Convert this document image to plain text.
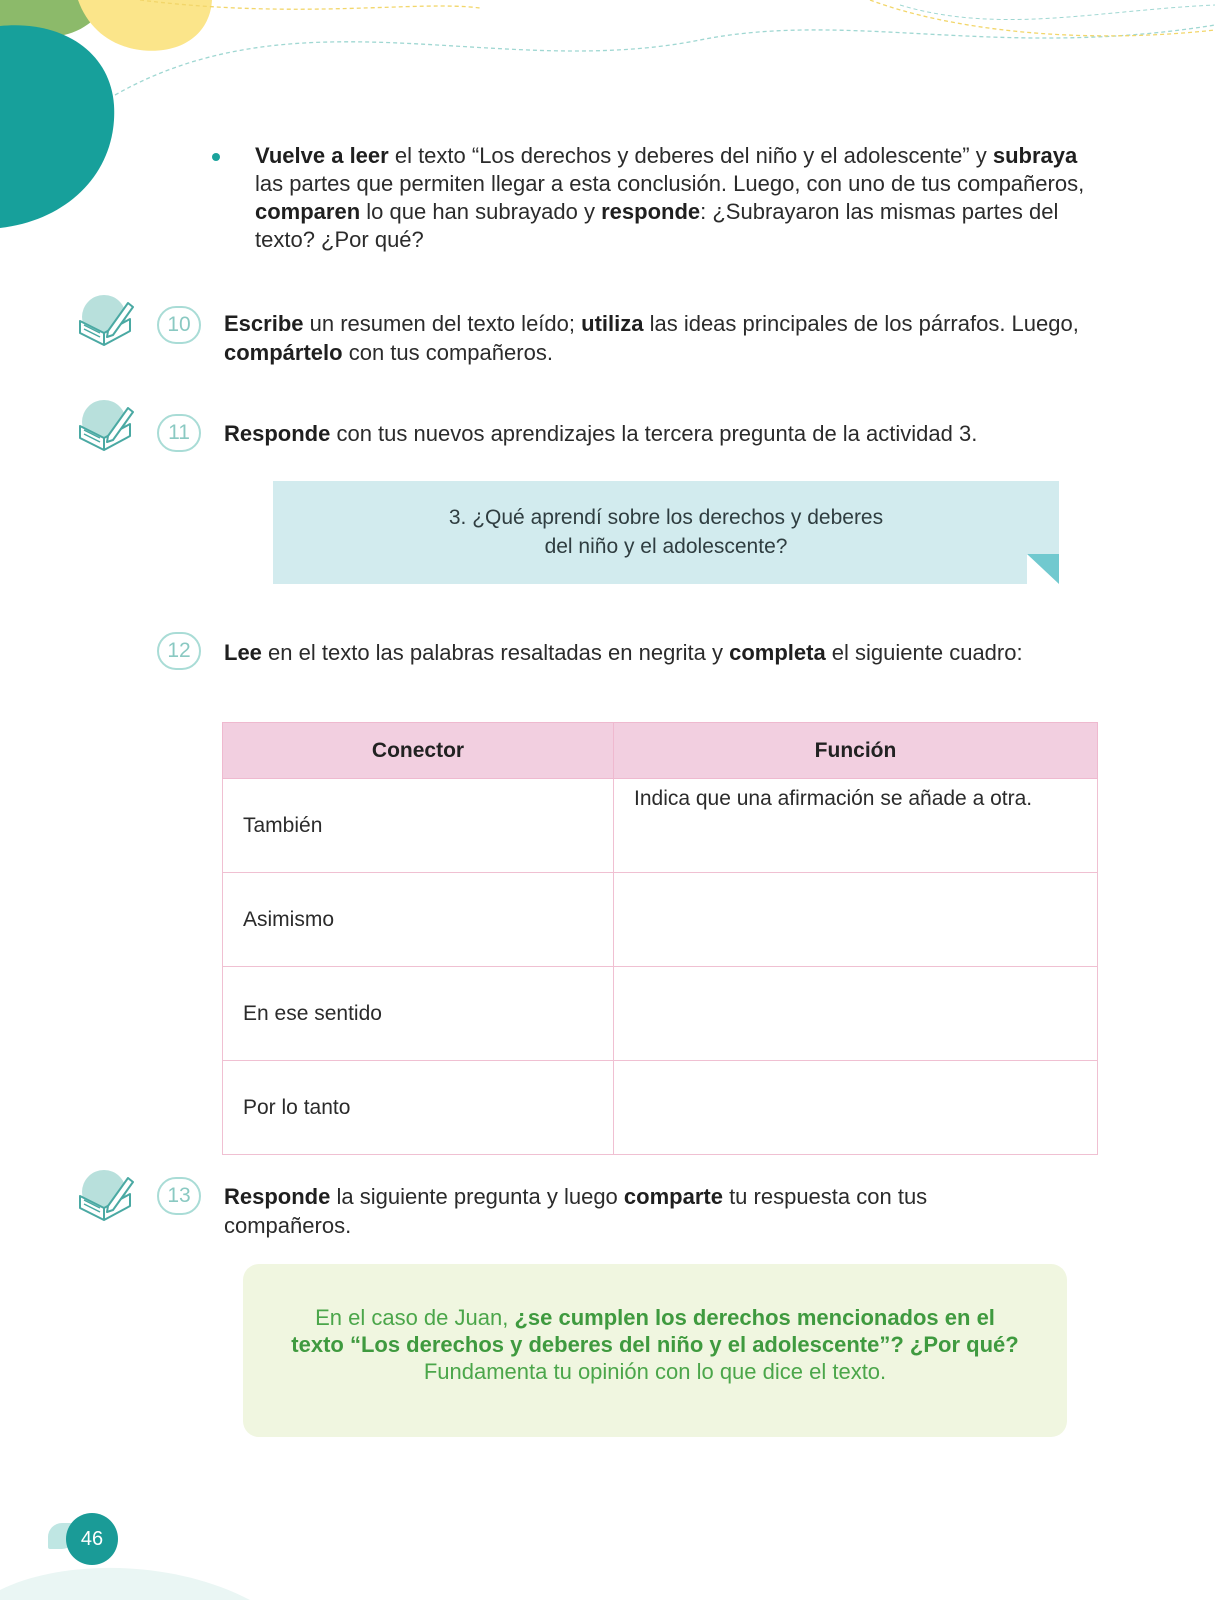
Vuelve a leer el texto “Los derechos y deberes del niño y el adolescente” y subraya las partes que permiten llegar a esta conclusión. Luego, con uno de tus compañeros, comparen lo que han subrayado y responde: ¿Subrayaron las mismas partes del texto? ¿Por qué?
10	Escribe un resumen del texto leído; utiliza las ideas principales de los párrafos. Luego, compártelo con tus compañeros.
11	Responde con tus nuevos aprendizajes la tercera pregunta de la actividad 3.
3. ¿Qué aprendí sobre los derechos y deberes
del niño y el adolescente?
12	Lee en el texto las palabras resaltadas en negrita y completa el siguiente cuadro:
Conector	Función
También	Indica que una afirmación se añade a otra.
Asimismo	
En ese sentido	
Por lo tanto	
13	Responde la siguiente pregunta y luego comparte tu respuesta con tus compañeros.
En el caso de Juan, ¿se cumplen los derechos mencionados en el texto “Los derechos y deberes del niño y el adolescente”? ¿Por qué? Fundamenta tu opinión con lo que dice el texto.
46
